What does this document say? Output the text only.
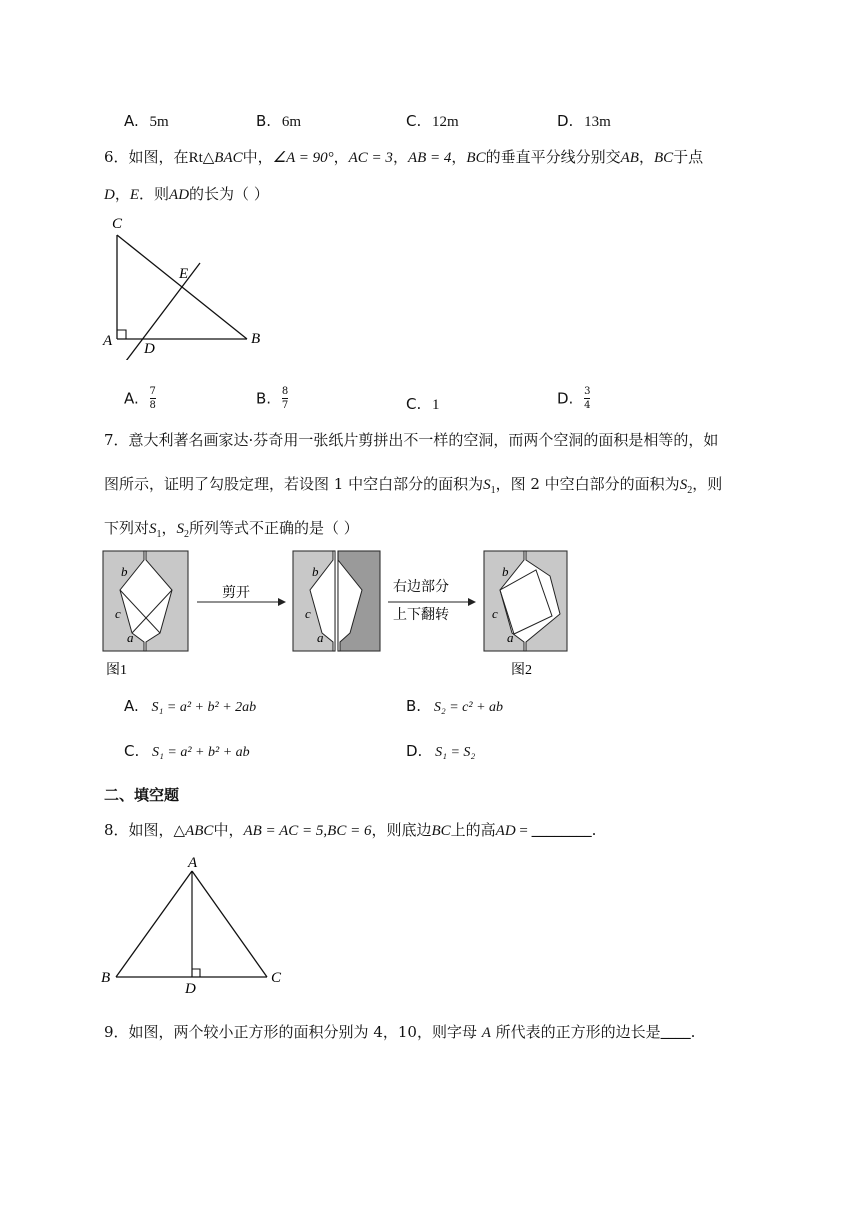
A. 5m	B. 6m	C. 12m	D. 13m
6．如图，在Rt△BAC中，∠A = 90°，AC = 3，AB = 4，BC的垂直平分线分别交AB，BC于点
D，E．则AD的长为（ ）
C
E
A D
B
A. $\frac{7}{8}$	B. $\frac{8}{7}$	C. 1	D. $\frac{3}{4}$
7．意大利著名画家达·芬奇用一张纸片剪拼出不一样的空洞，而两个空洞的面积是相等的，如
图所示，证明了勾股定理，若设图 1 中空白部分的面积为$S_1$，图 2 中空白部分的面积为$S_2$，则
下列对$S_1$，$S_2$所列等式不正确的是（ ）
b
c
a
图1
剪开
b
c
a
右边部分
上下翻转
b
c
a
图2
A. S₁ = a² + b² + 2ab	B. S₂ = c² + ab
C. S₁ = a² + b² + ab	D. S₁ = S₂
二、填空题
8．如图，△ABC中，AB = AC = 5,BC = 6，则底边BC上的高AD = ________.
A
B	C
D
9．如图，两个较小正方形的面积分别为 4，10，则字母 A 所代表的正方形的边长是____.
